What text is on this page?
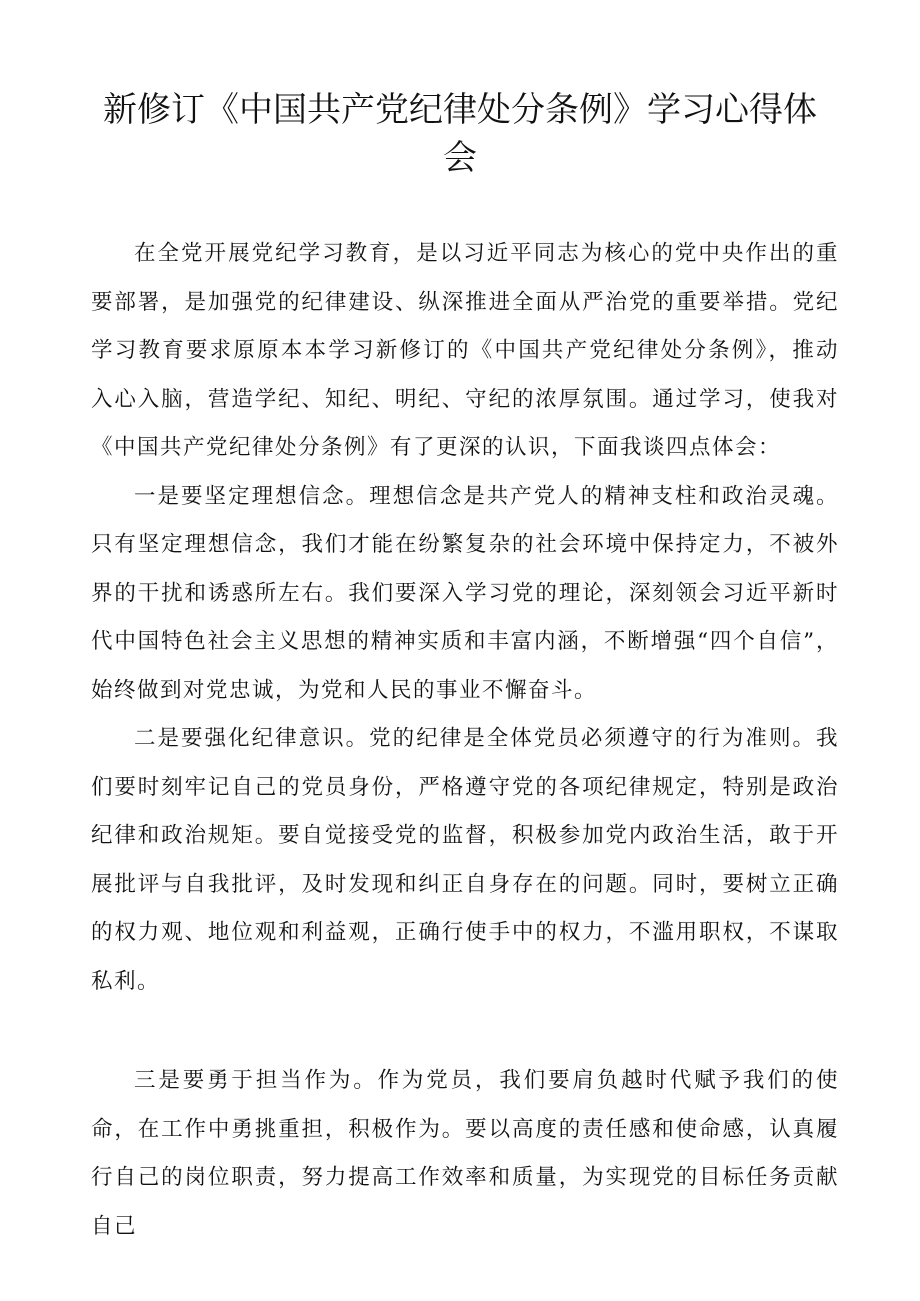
新修订《中国共产党纪律处分条例》学习心得体会

在全党开展党纪学习教育，是以习近平同志为核心的党中央作出的重要部署，是加强党的纪律建设、纵深推进全面从严治党的重要举措。党纪学习教育要求原原本本学习新修订的《中国共产党纪律处分条例》，推动入心入脑，营造学纪、知纪、明纪、守纪的浓厚氛围。通过学习，使我对《中国共产党纪律处分条例》有了更深的认识，下面我谈四点体会：

一是要坚定理想信念。理想信念是共产党人的精神支柱和政治灵魂。只有坚定理想信念，我们才能在纷繁复杂的社会环境中保持定力，不被外界的干扰和诱惑所左右。我们要深入学习党的理论，深刻领会习近平新时代中国特色社会主义思想的精神实质和丰富内涵，不断增强“四个自信”，始终做到对党忠诚，为党和人民的事业不懈奋斗。

二是要强化纪律意识。党的纪律是全体党员必须遵守的行为准则。我们要时刻牢记自己的党员身份，严格遵守党的各项纪律规定，特别是政治纪律和政治规矩。要自觉接受党的监督，积极参加党内政治生活，敢于开展批评与自我批评，及时发现和纠正自身存在的问题。同时，要树立正确的权力观、地位观和利益观，正确行使手中的权力，不滥用职权，不谋取私利。

三是要勇于担当作为。作为党员，我们要肩负越时代赋予我们的使命，在工作中勇挑重担，积极作为。要以高度的责任感和使命感，认真履行自己的岗位职责，努力提高工作效率和质量，为实现党的目标任务贡献自己
